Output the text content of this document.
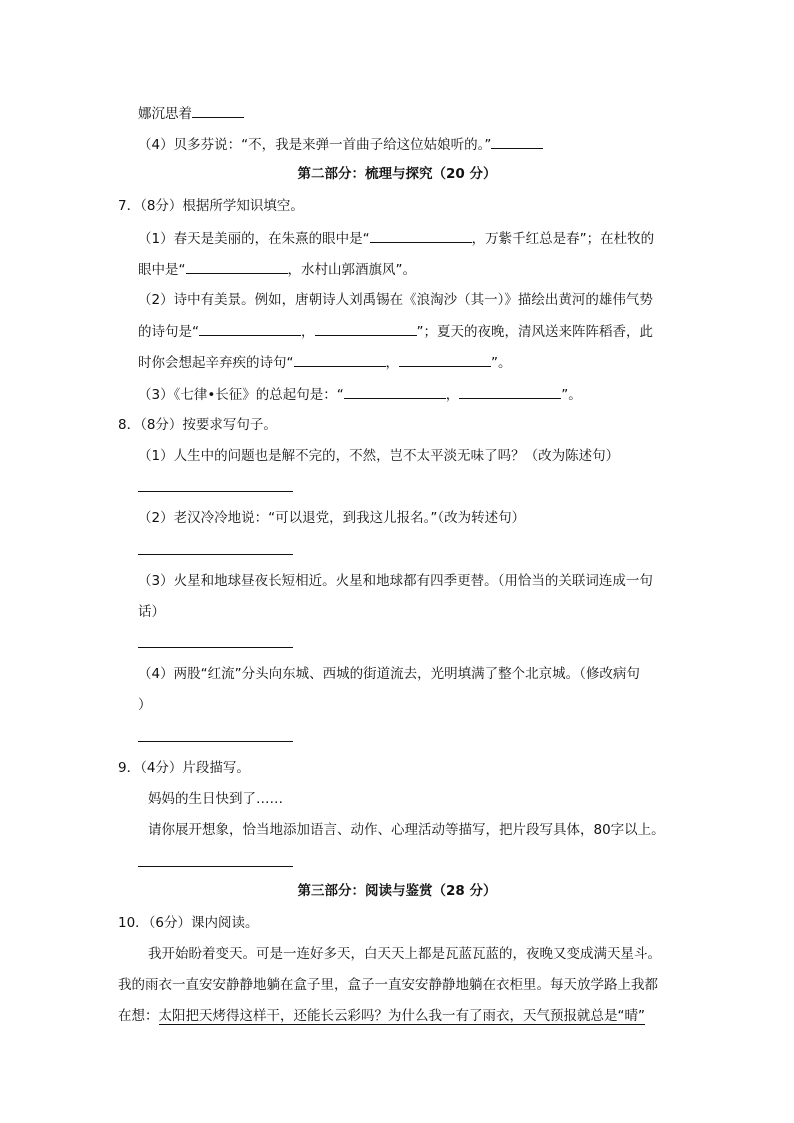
娜沉思着
（4）贝多芬说：“不，我是来弹一首曲子给这位姑娘听的。”
第二部分：梳理与探究（20 分）
7．（8分）根据所学知识填空。
（1）春天是美丽的，在朱熹的眼中是“	，万紫千红总是春”；在杜牧的
眼中是“	，水村山郭酒旗风”。
（2）诗中有美景。例如，唐朝诗人刘禹锡在《浪淘沙（其一）》描绘出黄河的雄伟气势
的诗句是“	，	”；夏天的夜晚，清风送来阵阵稻香，此
时你会想起辛弃疾的诗句“	，	”。
（3）《七律•长征》的总起句是：“	，	”。
8．（8分）按要求写句子。
（1）人生中的问题也是解不完的，不然，岂不太平淡无味了吗？（改为陈述句）
（2）老汉冷冷地说：“可以退党，到我这儿报名。”（改为转述句）
（3）火星和地球昼夜长短相近。火星和地球都有四季更替。（用恰当的关联词连成一句
话）
（4）两股“红流”分头向东城、西城的街道流去，光明填满了整个北京城。（修改病句
）
9．（4分）片段描写。
妈妈的生日快到了……
请你展开想象，恰当地添加语言、动作、心理活动等描写，把片段写具体，80字以上。
第三部分：阅读与鉴赏（28 分）
10．（6分）课内阅读。
我开始盼着变天。可是一连好多天，白天天上都是瓦蓝瓦蓝的，夜晚又变成满天星斗。
我的雨衣一直安安静静地躺在盒子里，盒子一直安安静静地躺在衣柜里。每天放学路上我都
在想：太阳把天烤得这样干，还能长云彩吗？为什么我一有了雨衣，天气预报就总是“晴”
